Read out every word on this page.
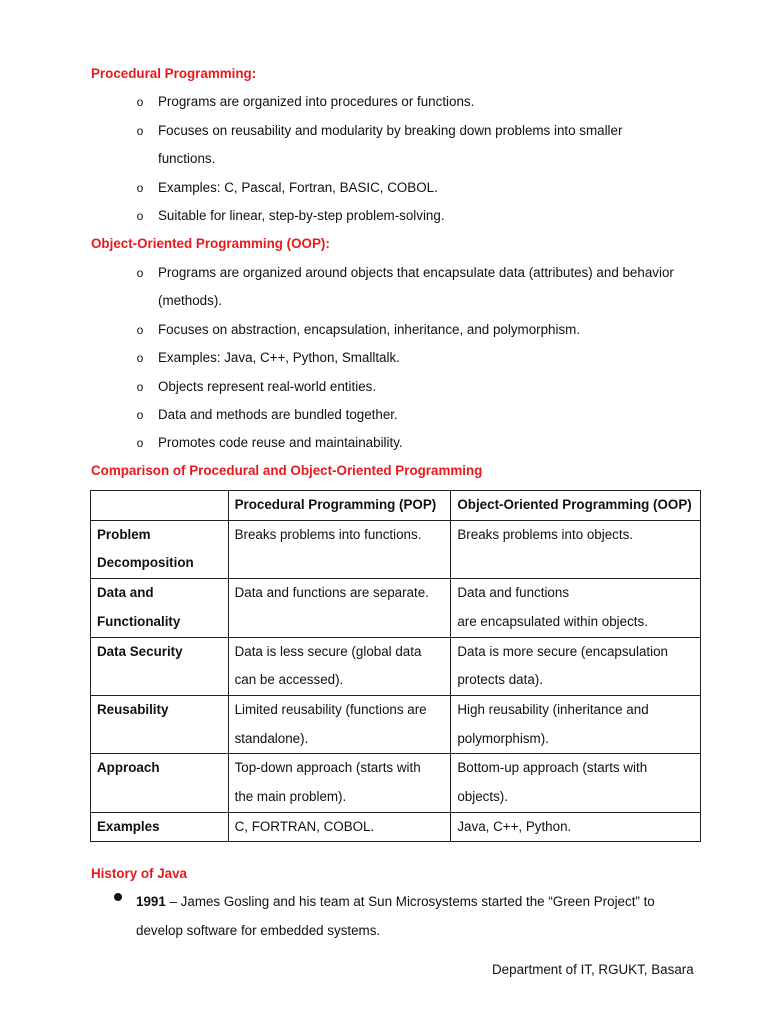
Procedural Programming:
o Programs are organized into procedures or functions.
o Focuses on reusability and modularity by breaking down problems into smaller
functions.
o Examples: C, Pascal, Fortran, BASIC, COBOL.
o Suitable for linear, step-by-step problem-solving.
Object-Oriented Programming (OOP):
o Programs are organized around objects that encapsulate data (attributes) and behavior
(methods).
o Focuses on abstraction, encapsulation, inheritance, and polymorphism.
o Examples: Java, C++, Python, Smalltalk.
o Objects represent real-world entities.
o Data and methods are bundled together.
o Promotes code reuse and maintainability.
Comparison of Procedural and Object-Oriented Programming
	Procedural Programming (POP)	Object-Oriented Programming (OOP)

Problem
Decomposition	Breaks problems into functions.	Breaks problems into objects.

Data and
Functionality	Data and functions are separate.	Data and functions
are encapsulated within objects.

Data Security	Data is less secure (global data
can be accessed).	Data is more secure (encapsulation
protects data).

Reusability	Limited reusability (functions are
standalone).	High reusability (inheritance and
polymorphism).

Approach	Top-down approach (starts with
the main problem).	Bottom-up approach (starts with
objects).

Examples	C, FORTRAN, COBOL.	Java, C++, Python.
History of Java
1991 – James Gosling and his team at Sun Microsystems started the “Green Project” to
develop software for embedded systems.
Department of IT, RGUKT, Basara
